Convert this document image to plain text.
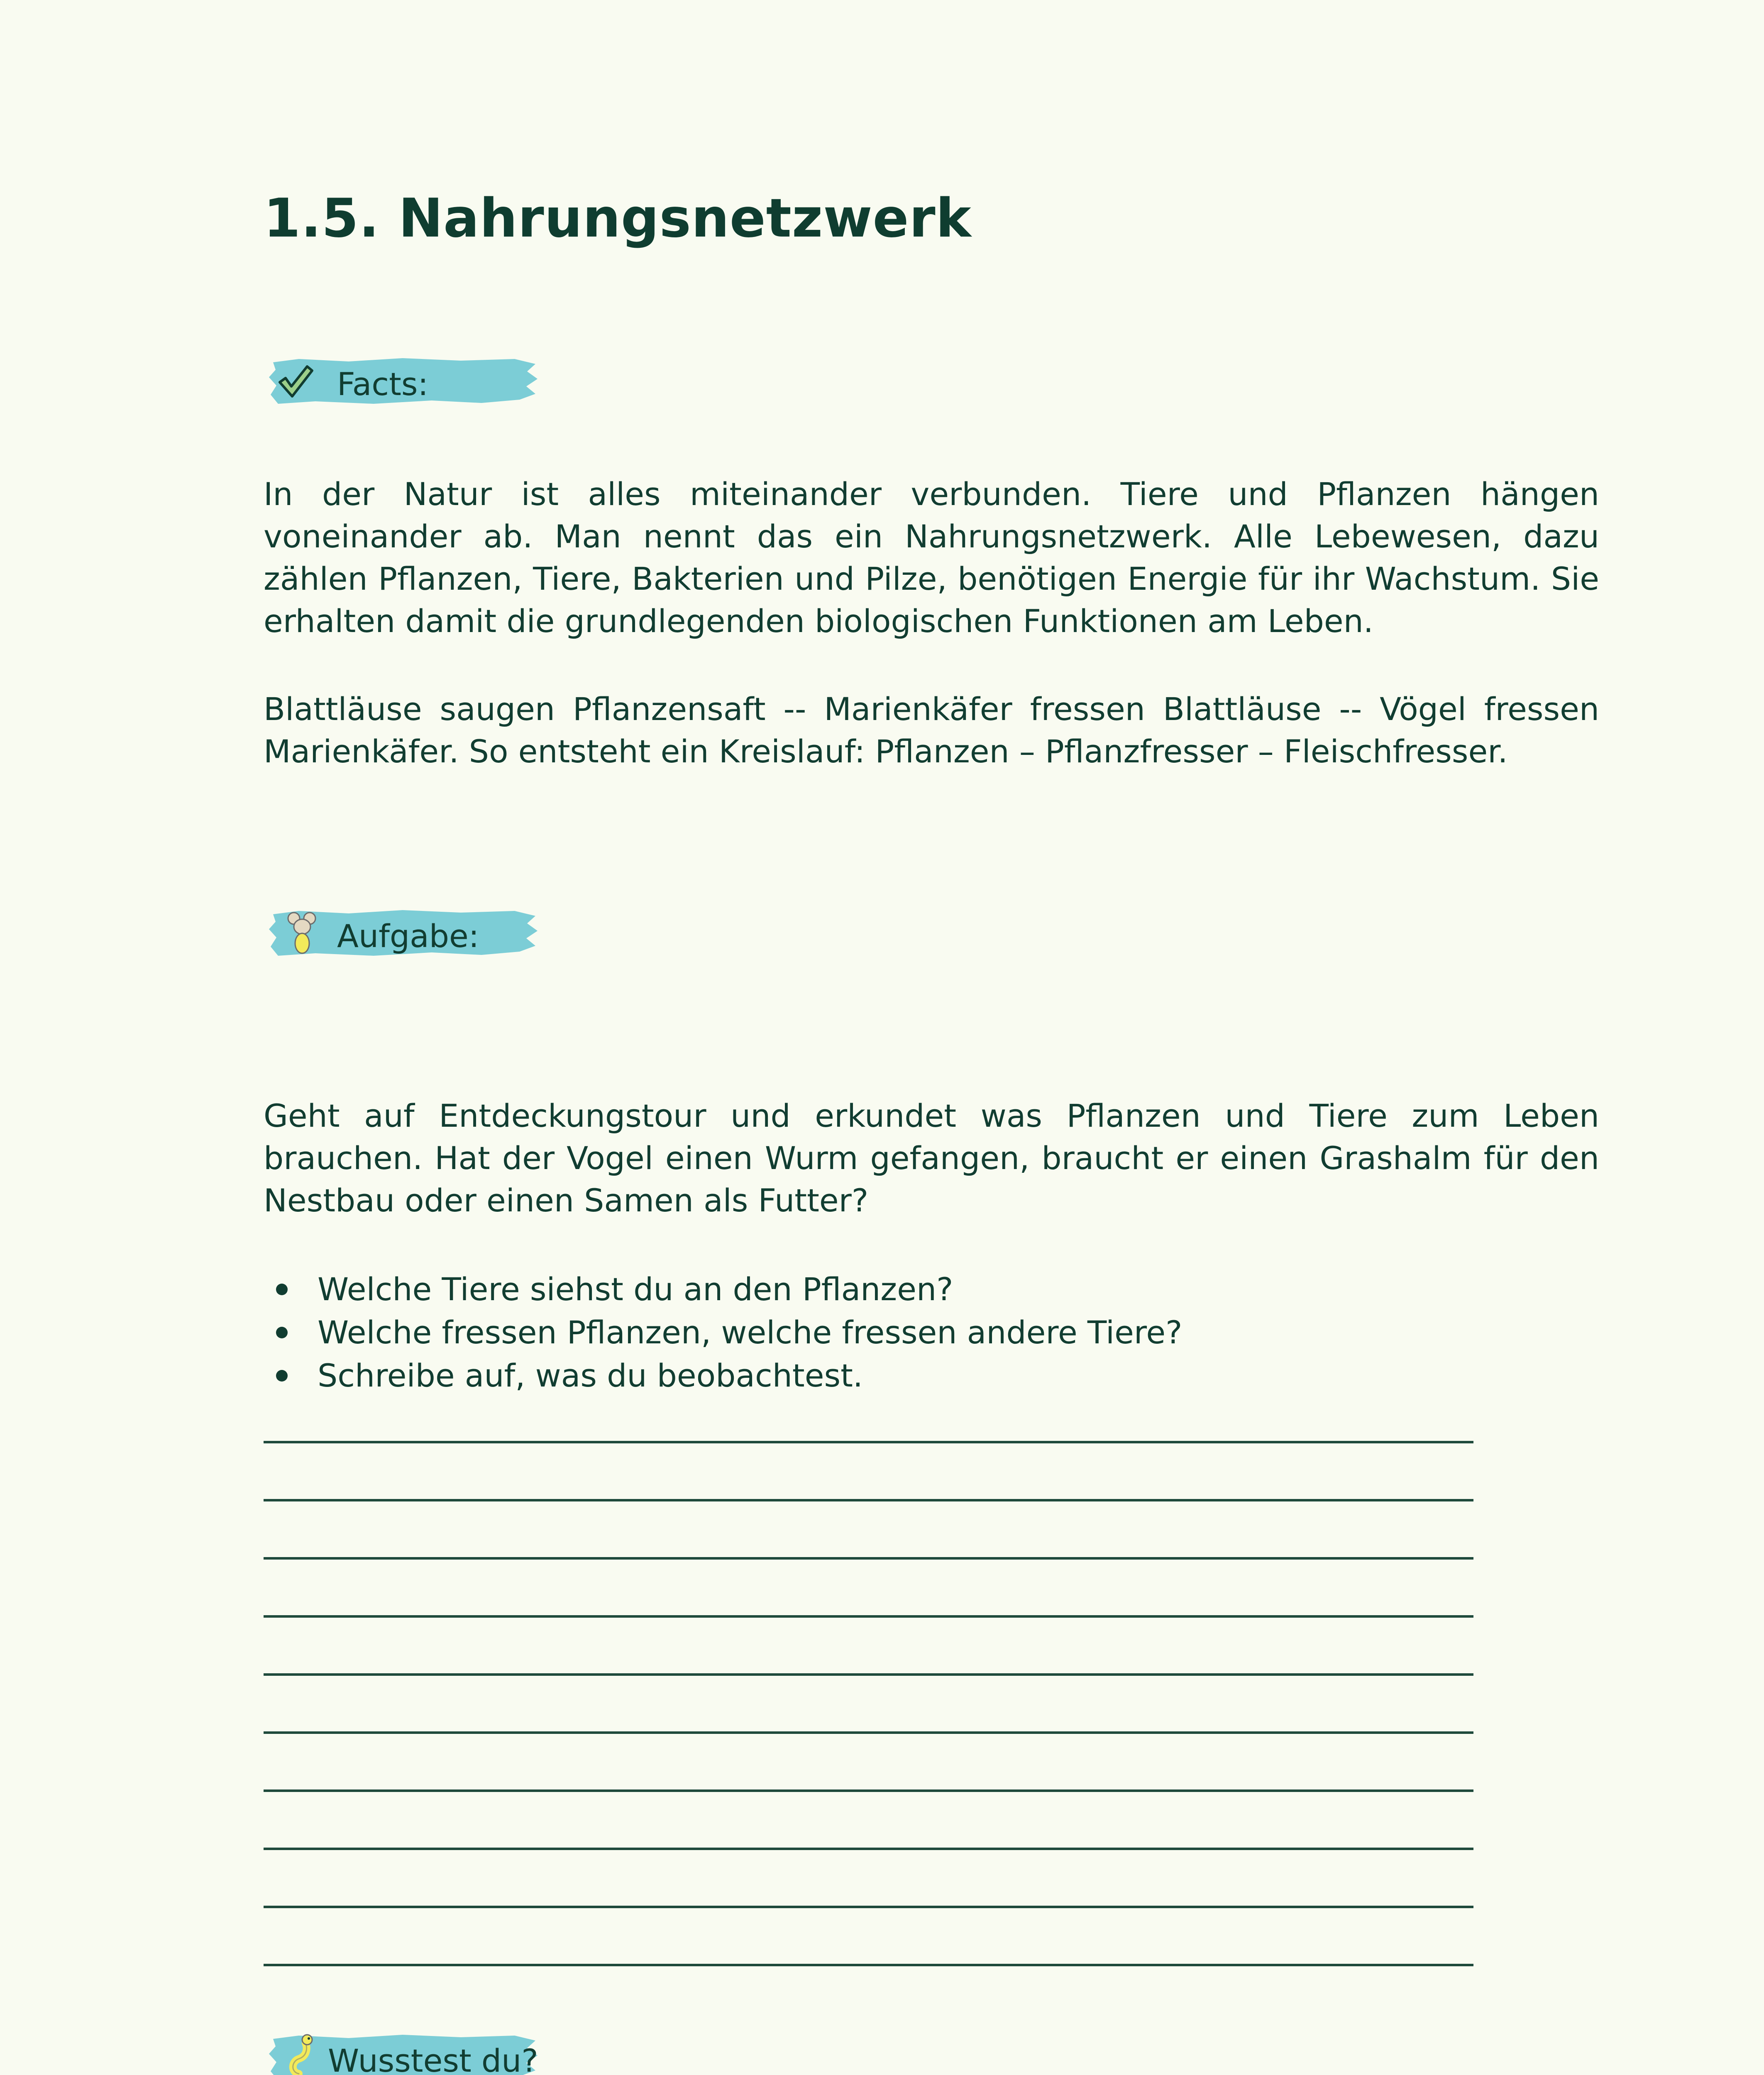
1.5. Nahrungsnetzwerk
Facts:

In der Natur ist alles miteinander verbunden. Tiere und Pflanzen hängen voneinander ab. Man nennt das ein Nahrungsnetzwerk. Alle Lebewesen, dazu zählen Pflanzen, Tiere, Bakterien und Pilze, benötigen Energie für ihr Wachstum. Sie erhalten damit die grundlegenden biologischen Funktionen am Leben.

Blattläuse saugen Pflanzensaft -- Marienkäfer fressen Blattläuse -- Vögel fressen Marienkäfer. So entsteht ein Kreislauf: Pflanzen – Pflanzfresser – Fleischfresser.

Aufgabe:

Geht auf Entdeckungstour und erkundet was Pflanzen und Tiere zum Leben brauchen. Hat der Vogel einen Wurm gefangen, braucht er einen Grashalm für den Nestbau oder einen Samen als Futter?

Welche Tiere siehst du an den Pflanzen?
Welche fressen Pflanzen, welche fressen andere Tiere?
Schreibe auf, was du beobachtest.
Wusstest du?
